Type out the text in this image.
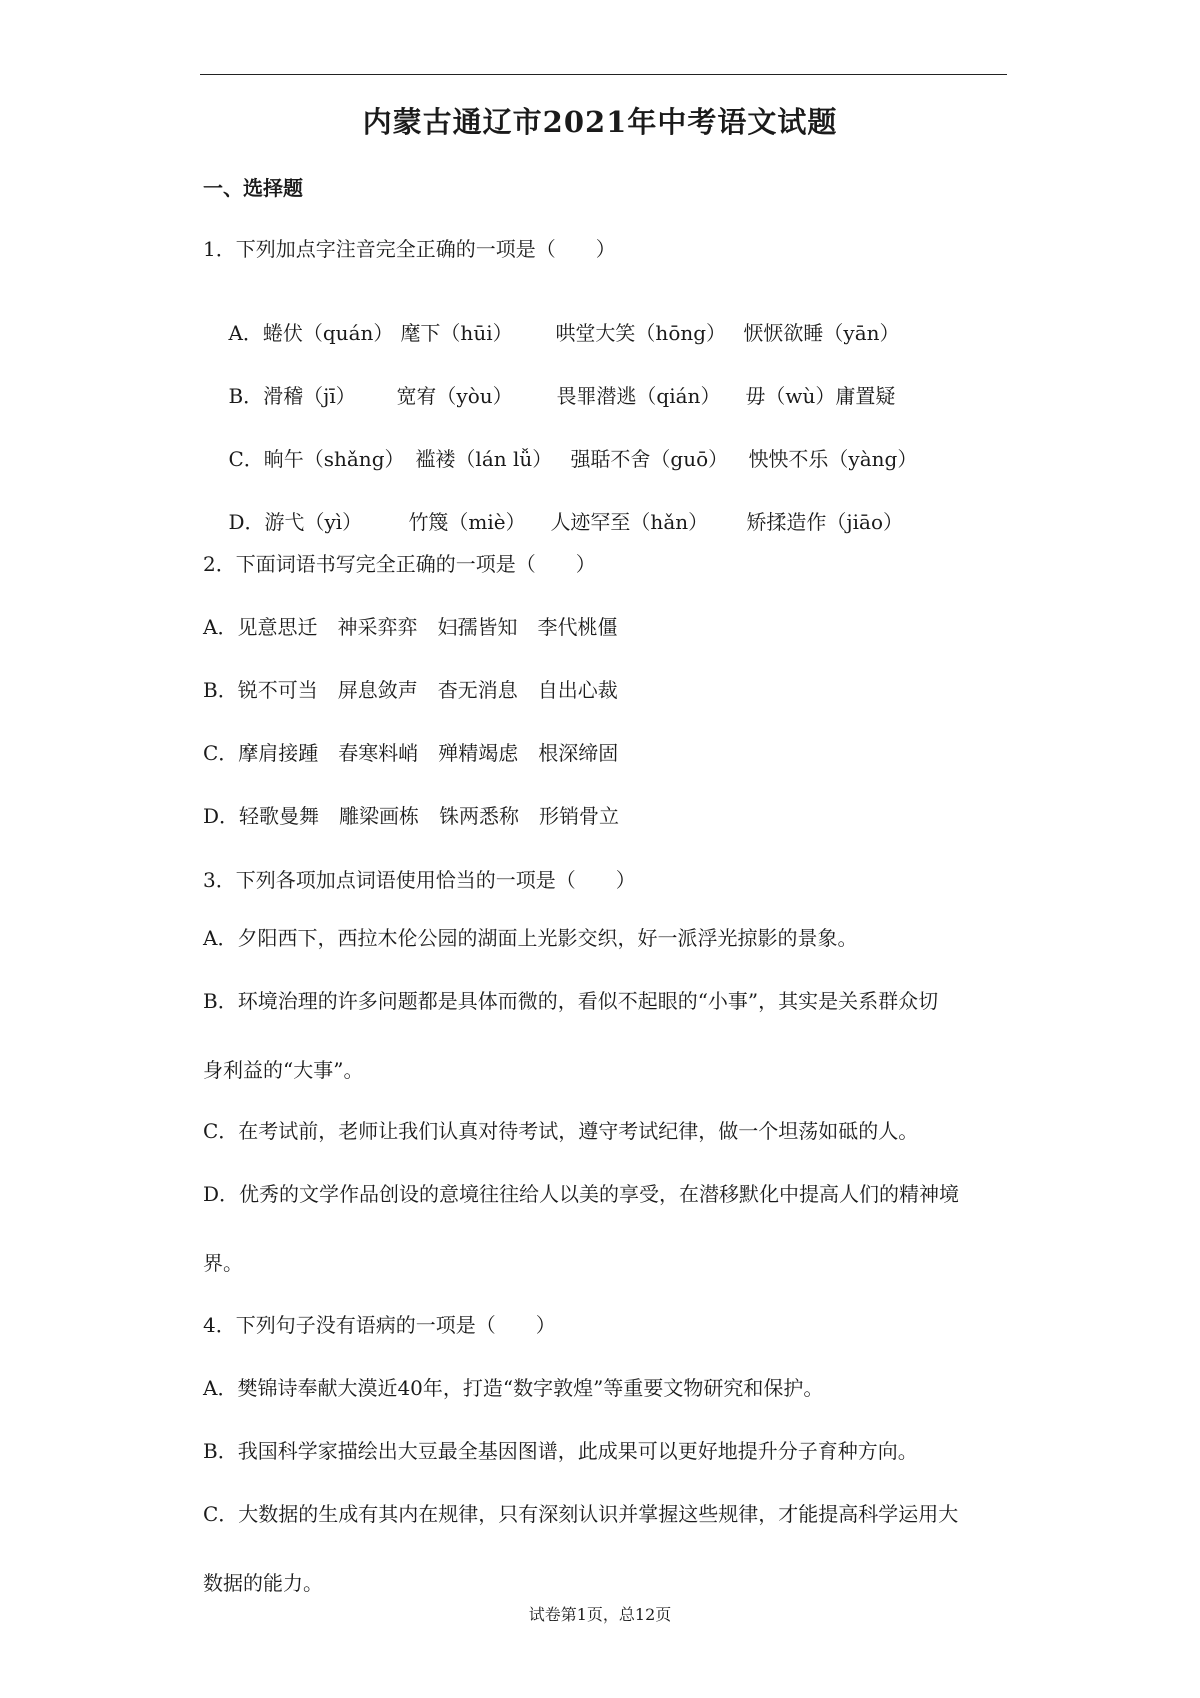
内蒙古通辽市2021年中考语文试题
一、选择题
1．下列加点字注音完全正确的一项是（　　）

A．蜷伏（quán） 麾下（hūi） 哄堂大笑（hōng） 恹恹欲睡（yān）

B．滑稽（jī） 宽宥（yòu） 畏罪潜逃（qián） 毋（wù）庸置疑

C．晌午（shǎng） 褴褛（lán lǚ） 强聒不舍（guō） 怏怏不乐（yàng）

D．游弋（yì） 竹篾（miè） 人迹罕至（hǎn） 矫揉造作（jiāo）

2．下面词语书写完全正确的一项是（　　）
A．见意思迁　神采弈弈　妇孺皆知　李代桃僵
B．锐不可当　屏息敛声　杳无消息　自出心裁
C．摩肩接踵　春寒料峭　殚精竭虑　根深缔固
D．轻歌曼舞　雕梁画栋　铢两悉称　形销骨立
3．下列各项加点词语使用恰当的一项是（　　）
A．夕阳西下，西拉木伦公园的湖面上光影交织，好一派浮光掠影的景象。
B．环境治理的许多问题都是具体而微的，看似不起眼的“小事”，其实是关系群众切
身利益的“大事”。
C．在考试前，老师让我们认真对待考试，遵守考试纪律，做一个坦荡如砥的人。
D．优秀的文学作品创设的意境往往给人以美的享受，在潜移默化中提高人们的精神境
界。
4．下列句子没有语病的一项是（　　）
A．樊锦诗奉献大漠近40年，打造“数字敦煌”等重要文物研究和保护。
B．我国科学家描绘出大豆最全基因图谱，此成果可以更好地提升分子育种方向。
C．大数据的生成有其内在规律，只有深刻认识并掌握这些规律，才能提高科学运用大
数据的能力。
试卷第1页，总12页
